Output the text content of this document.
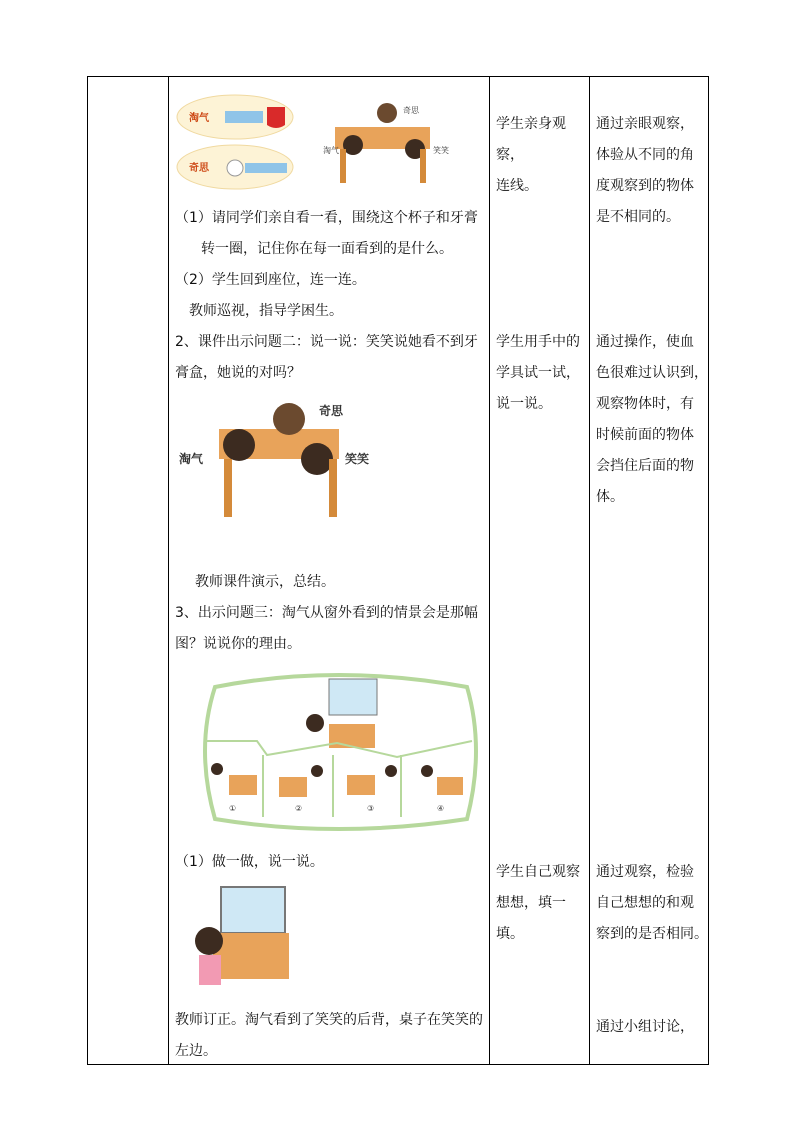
淘气
奇思
奇思
淘气	笑笑
（1）请同学们亲自看一看，围绕这个杯子和牙膏
转一圈，记住你在每一面看到的是什么。
（2）学生回到座位，连一连。
教师巡视，指导学困生。
2、课件出示问题二：说一说：笑笑说她看不到牙
膏盒，她说的对吗？
奇思
淘气	笑笑
教师课件演示，总结。
3、出示问题三：淘气从窗外看到的情景会是那幅
图？说说你的理由。
①	②	③	④
（1）做一做，说一说。
教师订正。淘气看到了笑笑的后背，桌子在笑笑的
左边。

学生亲身观察，
连线。
学生用手中的
学具试一试，
说一说。
学生自己观察
想想，填一填。

通过亲眼观察，
体验从不同的角
度观察到的物体
是不相同的。
通过操作，使血
色很难过认识到，
观察物体时，有
时候前面的物体
会挡住后面的物
体。
通过观察，检验
自己想想的和观
察到的是否相同。
通过小组讨论，
